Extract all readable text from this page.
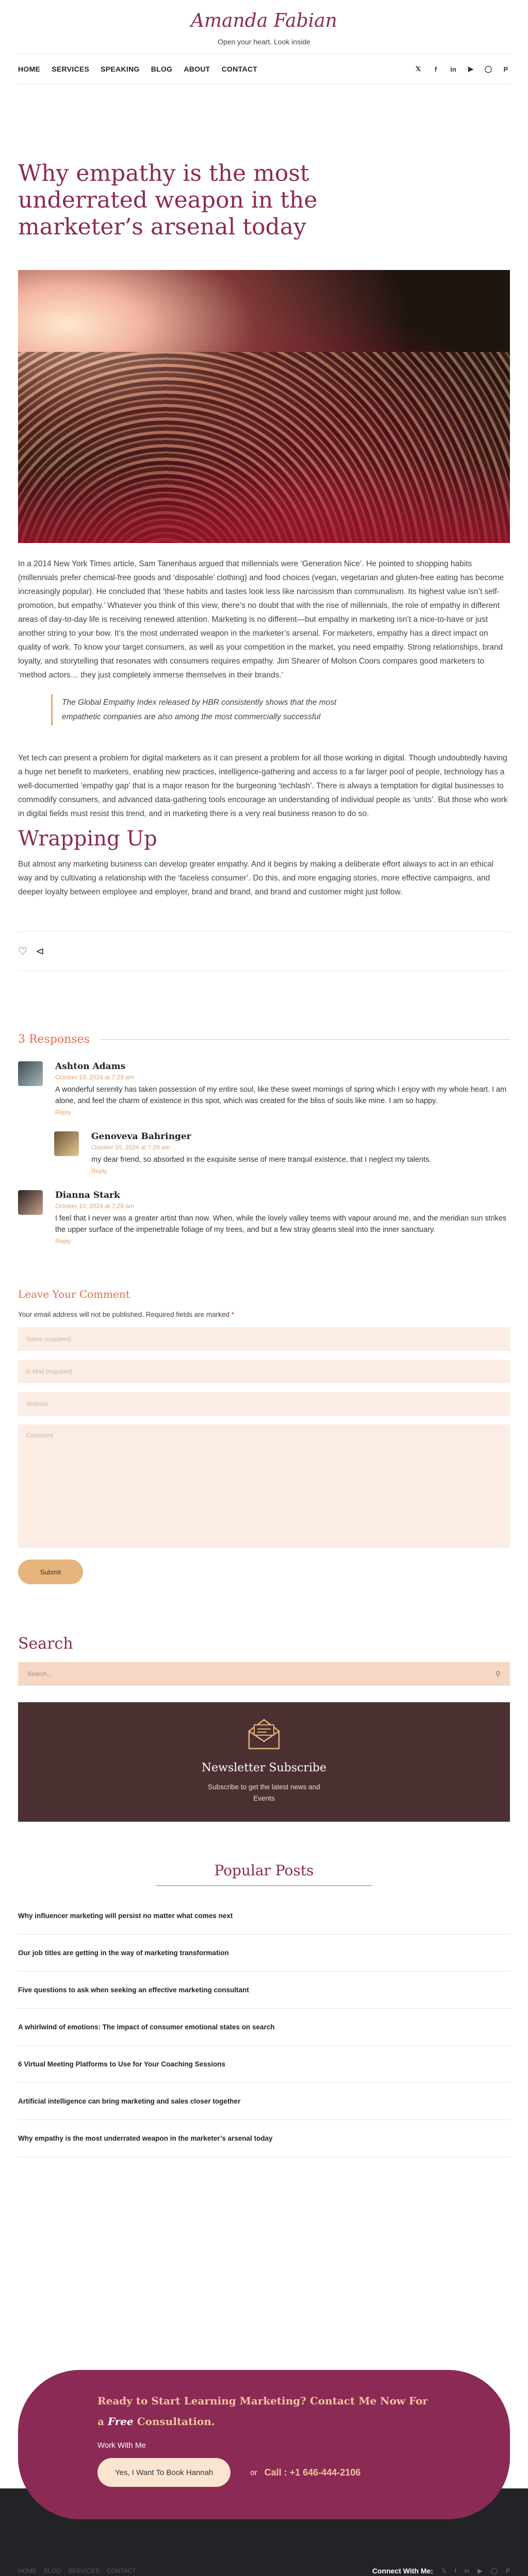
Amanda Fabian
Open your heart. Look inside
HOME SERVICES SPEAKING BLOG ABOUT CONTACT	𝕏	f	in ▶ ◯ P
Why empathy is the most underrated weapon in the marketer’s arsenal today

In a 2014 New York Times article, Sam Tanenhaus argued that millennials were ‘Generation Nice’. He pointed to shopping habits (millennials prefer chemical-free goods and ‘disposable’ clothing) and food choices (vegan, vegetarian and gluten-free eating has become increasingly popular). He concluded that ‘these habits and tastes look less like narcissism than communalism. Its highest value isn’t self-promotion, but empathy.’ Whatever you think of this view, there’s no doubt that with the rise of millennials, the role of empathy in different areas of day-to-day life is receiving renewed attention. Marketing is no different—but empathy in marketing isn’t a nice-to-have or just another string to your bow. It’s the most underrated weapon in the marketer’s arsenal. For marketers, empathy has a direct impact on quality of work. To know your target consumers, as well as your competition in the market, you need empathy. Strong relationships, brand loyalty, and storytelling that resonates with consumers requires empathy. Jim Shearer of Molson Coors compares good marketers to ‘method actors… they just completely immerse themselves in their brands.’

The Global Empathy Index released by HBR consistently shows that the most empathetic companies are also among the most commercially successful

Yet tech can present a problem for digital marketers as it can present a problem for all those working in digital. Though undoubtedly having a huge net benefit to marketers, enabling new practices, intelligence-gathering and access to a far larger pool of people, technology has a well-documented ‘empathy gap’ that is a major reason for the burgeoning ‘techlash’. There is always a temptation for digital businesses to commodify consumers, and advanced data-gathering tools encourage an understanding of individual people as ‘units’. But those who work in digital fields must resist this trend, and in marketing there is a very real business reason to do so.

Wrapping Up

But almost any marketing business can develop greater empathy. And it begins by making a deliberate effort always to act in an ethical way and by cultivating a relationship with the ‘faceless consumer’. Do this, and more engaging stories, more effective campaigns, and deeper loyalty between employee and employer, brand and brand, and brand and customer might just follow.

♡ ⊲
3 Responses
Ashton Adams
October 10, 2024 at 7:29 am
A wonderful serenity has taken possession of my entire soul, like these sweet mornings of spring which I enjoy with my whole heart. I am alone, and feel the charm of existence in this spot, which was created for the bliss of souls like mine. I am so happy.
Reply
Genoveva Bahringer
October 10, 2024 at 7:29 am
my dear friend, so absorbed in the exquisite sense of mere tranquil existence, that I neglect my talents.
Reply
Dianna Stark
October 10, 2024 at 7:29 am
I feel that I never was a greater artist than now. When, while the lovely valley teems with vapour around me, and the meridian sun strikes the upper surface of the impenetrable foliage of my trees, and but a few stray gleams steal into the inner sanctuary.
Reply
Leave Your Comment
Your email address will not be published. Required fields are marked *
Name (required)
E-Mail (required)
Website
Comment Submit
Search
Search...
⚲
Newsletter Subscribe
Subscribe to get the latest news and Events
Popular Posts
Why influencer marketing will persist no matter what comes next
Our job titles are getting in the way of marketing transformation
Five questions to ask when seeking an effective marketing consultant
A whirlwind of emotions: The impact of consumer emotional states on search
6 Virtual Meeting Platforms to Use for Your Coaching Sessions
Artificial intelligence can bring marketing and sales closer together
Why empathy is the most underrated weapon in the marketer’s arsenal today
Ready to Start Learning Marketing? Contact Me Now For a Free Consultation.
Work With Me
Yes, I Want To Book Hannah	or Call : +1 646-444-2106
HOME BLOG SERVICES CONTACT	Connect With Me: 𝕏 f in ▶ ◯ P
